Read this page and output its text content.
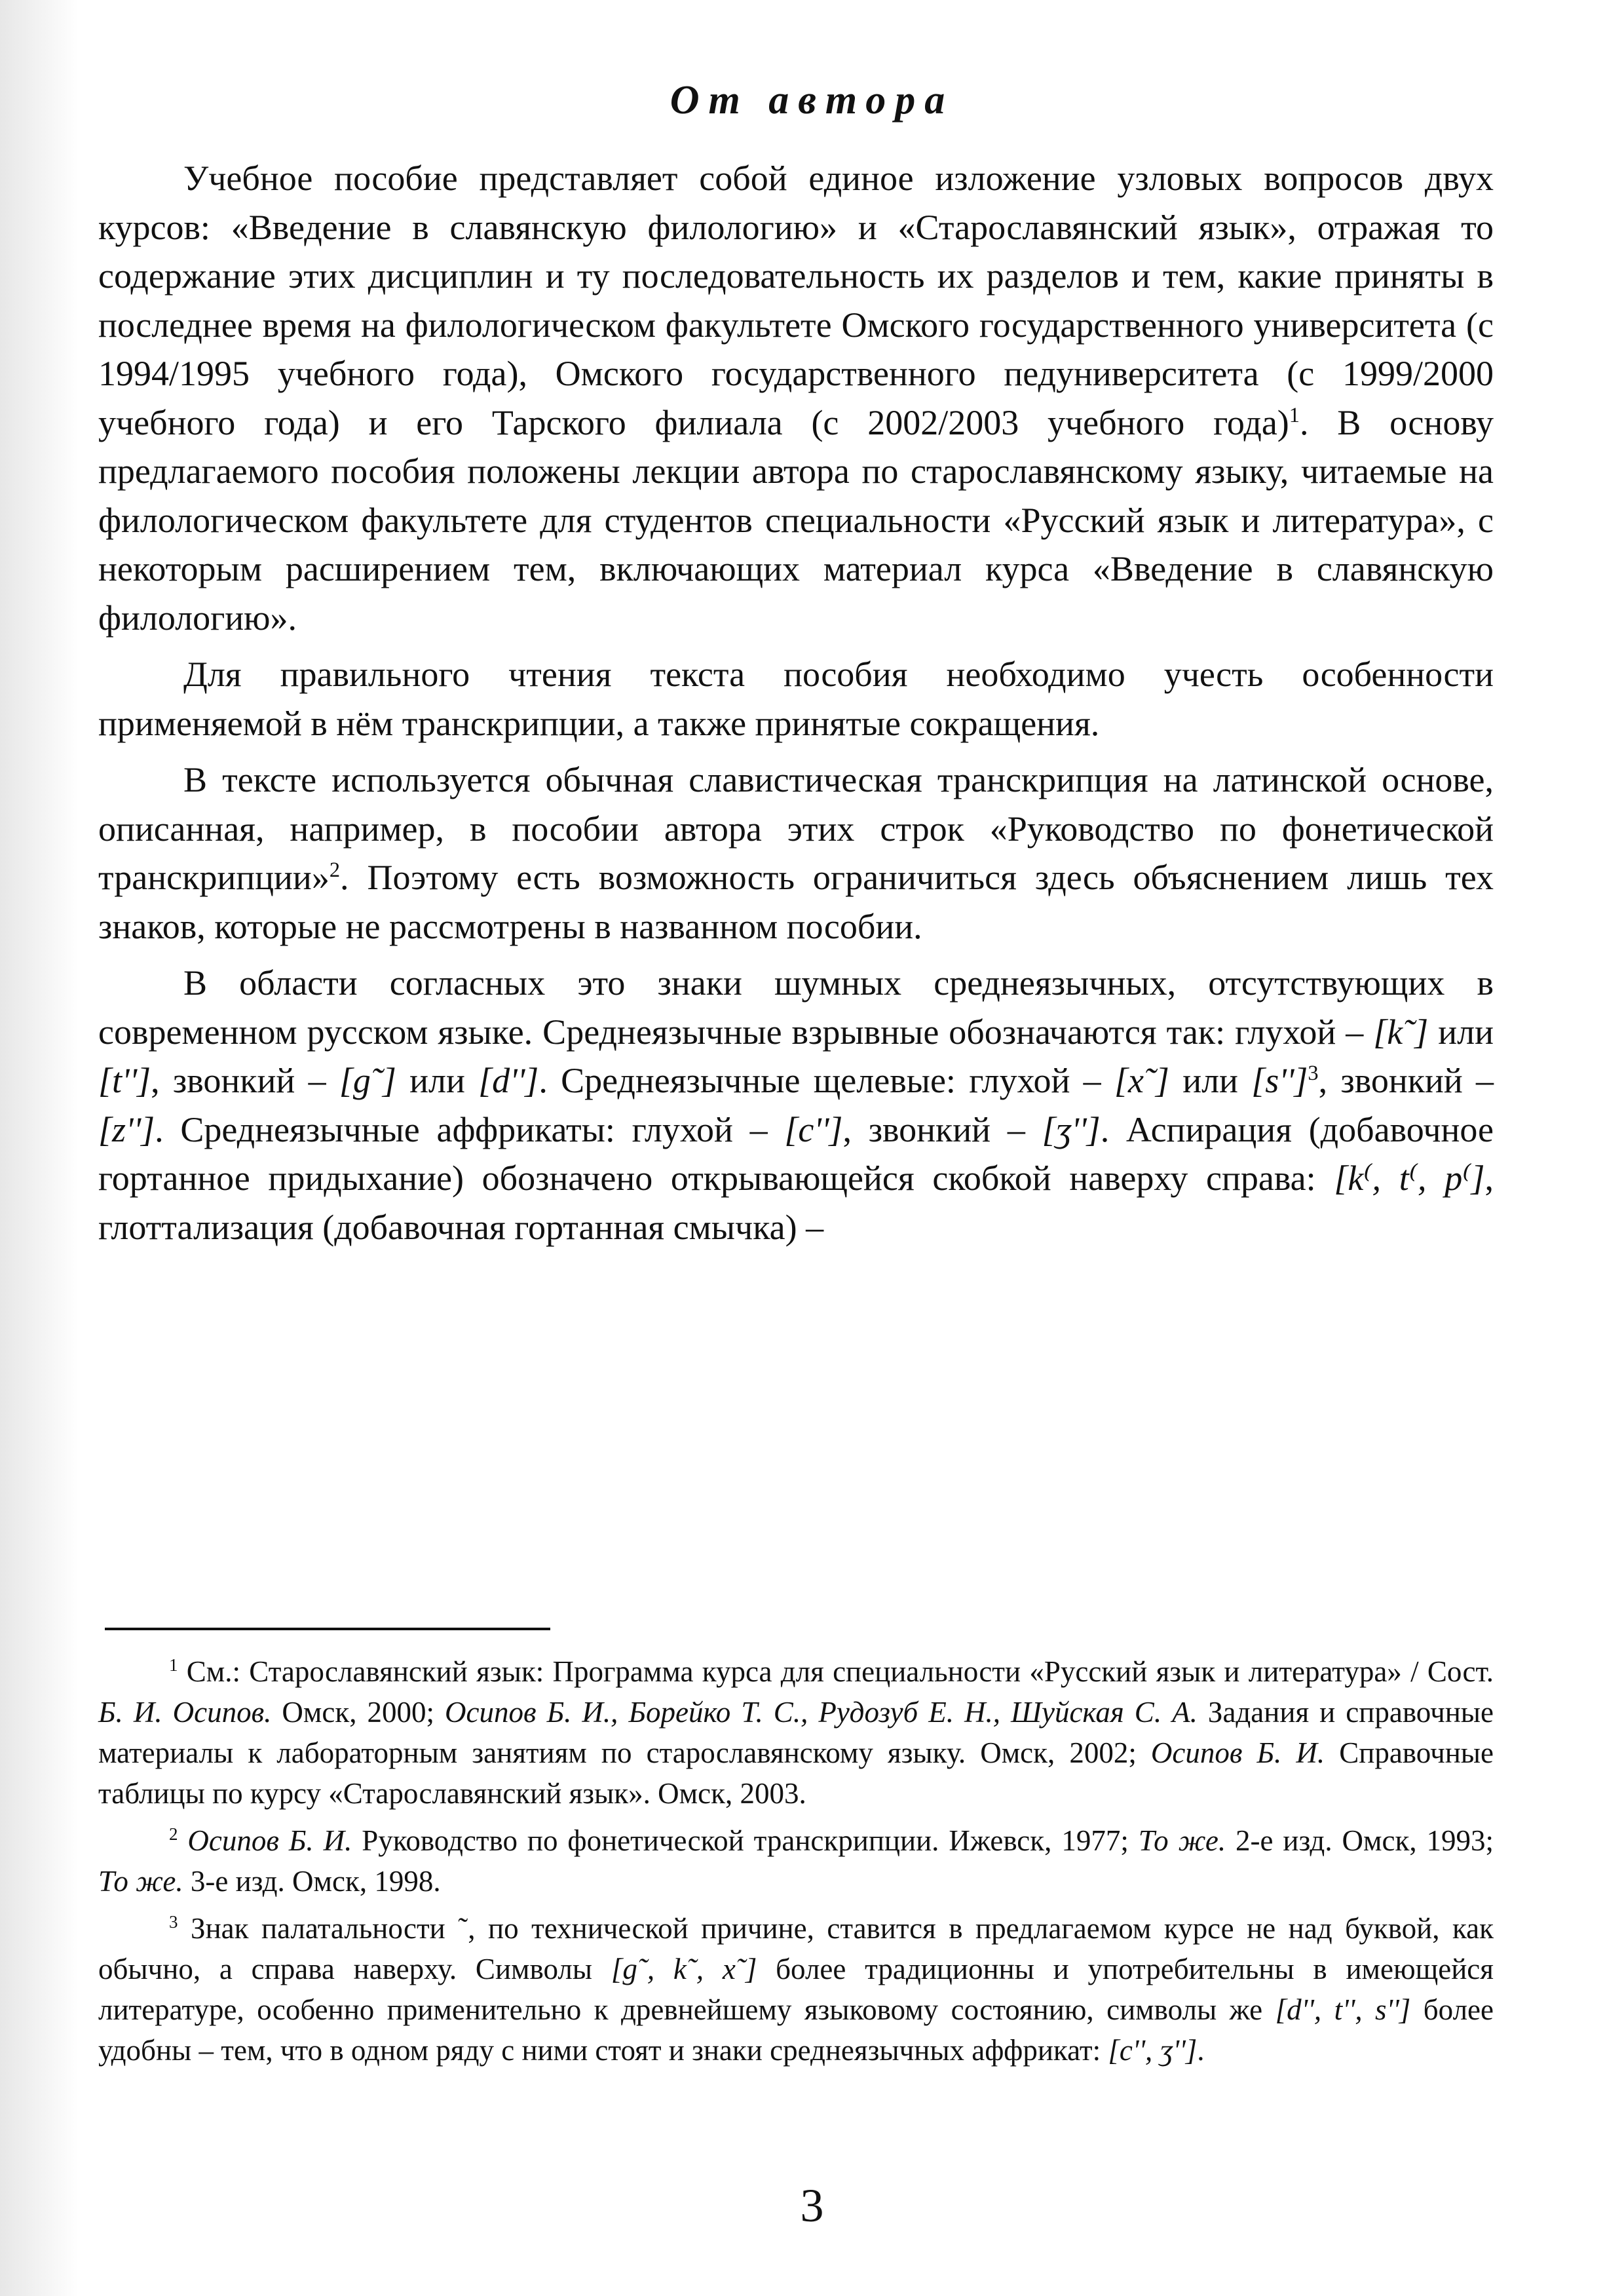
От автора

Учебное пособие представляет собой единое изложение узловых вопросов двух курсов: «Введение в славянскую филологию» и «Старославянский язык», отражая то содержание этих дисциплин и ту последовательность их разделов и тем, какие приняты в последнее время на филологическом факультете Омского государственного университета (с 1994/1995 учебного года), Омского государственного педуниверситета (с 1999/2000 учебного года) и его Тарского филиала (с 2002/2003 учебного года)$^1$. В основу предлагаемого пособия положены лекции автора по старославянскому языку, читаемые на филологическом факультете для студентов специальности «Русский язык и литература», с некоторым расширением тем, включающих материал курса «Введение в славянскую филологию».

Для правильного чтения текста пособия необходимо учесть особенности применяемой в нём транскрипции, а также принятые сокращения.

В тексте используется обычная славистическая транскрипция на латинской основе, описанная, например, в пособии автора этих строк «Руководство по фонетической транскрипции»$^2$. Поэтому есть возможность ограничиться здесь объяснением лишь тех знаков, которые не рассмотрены в названном пособии.

В области согласных это знаки шумных среднеязычных, отсутствующих в современном русском языке. Среднеязычные взрывные обозначаются так: глухой – [k˜] или [t''], звонкий – [g˜] или [d'']. Среднеязычные щелевые: глухой – [x˜] или $[s'']^3$, звонкий – [z'']. Среднеязычные аффрикаты: глухой – [c''], звонкий – [ʒ'']. Аспирация (добавочное гортанное придыхание) обозначено открывающейся скобкой наверху справа: [k⁽, t⁽, p⁽], глоттализация (добавочная гортанная смычка) –

$^1$ См.: Старославянский язык: Программа курса для специальности «Русский язык и литература» / Сост. Б. И. Осипов. Омск, 2000; Осипов Б. И., Борейко Т. С., Рудозуб Е. Н., Шуйская С. А. Задания и справочные материалы к лабораторным занятиям по старославянскому языку. Омск, 2002; Осипов Б. И. Справочные таблицы по курсу «Старославянский язык». Омск, 2003.

$^2$ Осипов Б. И. Руководство по фонетической транскрипции. Ижевск, 1977; То же. 2-е изд. Омск, 1993; То же. 3-е изд. Омск, 1998.

$^3$ Знак палатальности ˜, по технической причине, ставится в предлагаемом курсе не над буквой, как обычно, а справа наверху. Символы [g˜, k˜, x˜] более традиционны и употребительны в имеющейся литературе, особенно применительно к древнейшему языковому состоянию, символы же [d'', t'', s''] более удобны – тем, что в одном ряду с ними стоят и знаки среднеязычных аффрикат: [c'', ʒ''].

3
